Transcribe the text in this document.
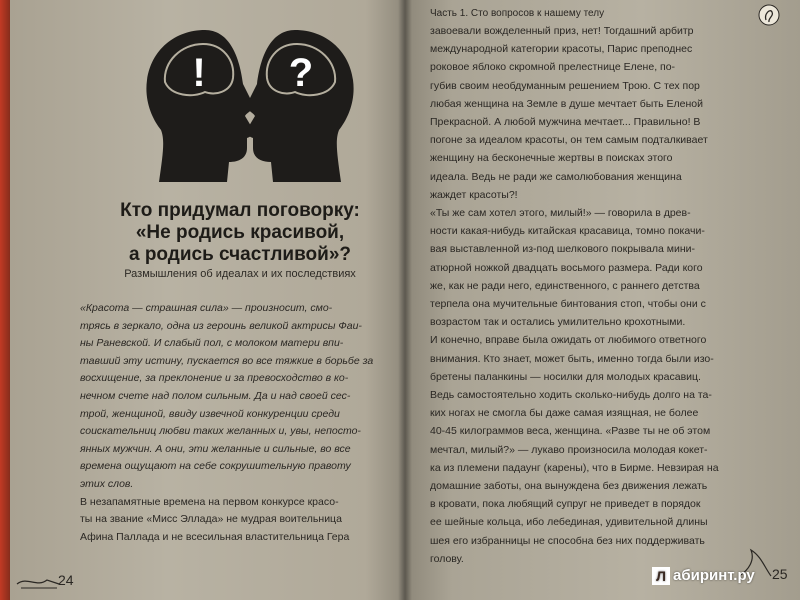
! ?
Кто придумал поговорку:
«Не родись красивой,
а родись счастливой»?
Размышления об идеалах и их последствиях
«Красота — страшная сила» — произносит, смо-
трясь в зеркало, одна из героинь великой актрисы Фаи-
ны Раневской. И слабый пол, с молоком матери впи-
тавший эту истину, пускается во все тяжкие в борьбе за
восхищение, за преклонение и за превосходство в ко-
нечном счете над полом сильным. Да и над своей сес-
трой, женщиной, ввиду извечной конкуренции среди
соискательниц любви таких желанных и, увы, непосто-
янных мужчин. А они, эти желанные и сильные, во все
времена ощущают на себе сокрушительную правоту
этих слов.
В незапамятные времена на первом конкурсе красо-
ты на звание «Мисс Эллада» не мудрая воительница
Афина Паллада и не всесильная властительница Гера
24
Часть 1. Сто вопросов к нашему телу
завоевали вожделенный приз, нет! Тогдашний арбитр
международной категории красоты, Парис преподнес
роковое яблоко скромной прелестнице Елене, по-
губив своим необдуманным решением Трою. С тех пор
любая женщина на Земле в душе мечтает быть Еленой
Прекрасной. А любой мужчина мечтает... Правильно! В
погоне за идеалом красоты, он тем самым подталкивает
женщину на бесконечные жертвы в поисках этого
идеала. Ведь не ради же самолюбования женщина
жаждет красоты?!
«Ты же сам хотел этого, милый!» — говорила в древ-
ности какая-нибудь китайская красавица, томно покачи-
вая выставленной из-под шелкового покрывала мини-
атюрной ножкой двадцать восьмого размера. Ради кого
же, как не ради него, единственного, с раннего детства
терпела она мучительные бинтования стоп, чтобы они с
возрастом так и остались умилительно крохотными.
И конечно, вправе была ожидать от любимого ответного
внимания. Кто знает, может быть, именно тогда были изо-
бретены паланкины — носилки для молодых красавиц.
Ведь самостоятельно ходить сколько-нибудь долго на та-
ких ногах не смогла бы даже самая изящная, не более
40-45 килограммов веса, женщина. «Разве ты не об этом
мечтал, милый?» — лукаво произносила молодая кокет-
ка из племени падаунг (карены), что в Бирме. Невзирая на
домашние заботы, она вынуждена без движения лежать
в кровати, пока любящий супруг не приведет в порядок
ее шейные кольца, ибо лебединая, удивительной длины
шея его избранницы не способна без них поддерживать
голову.
25
Л абиринт.ру
